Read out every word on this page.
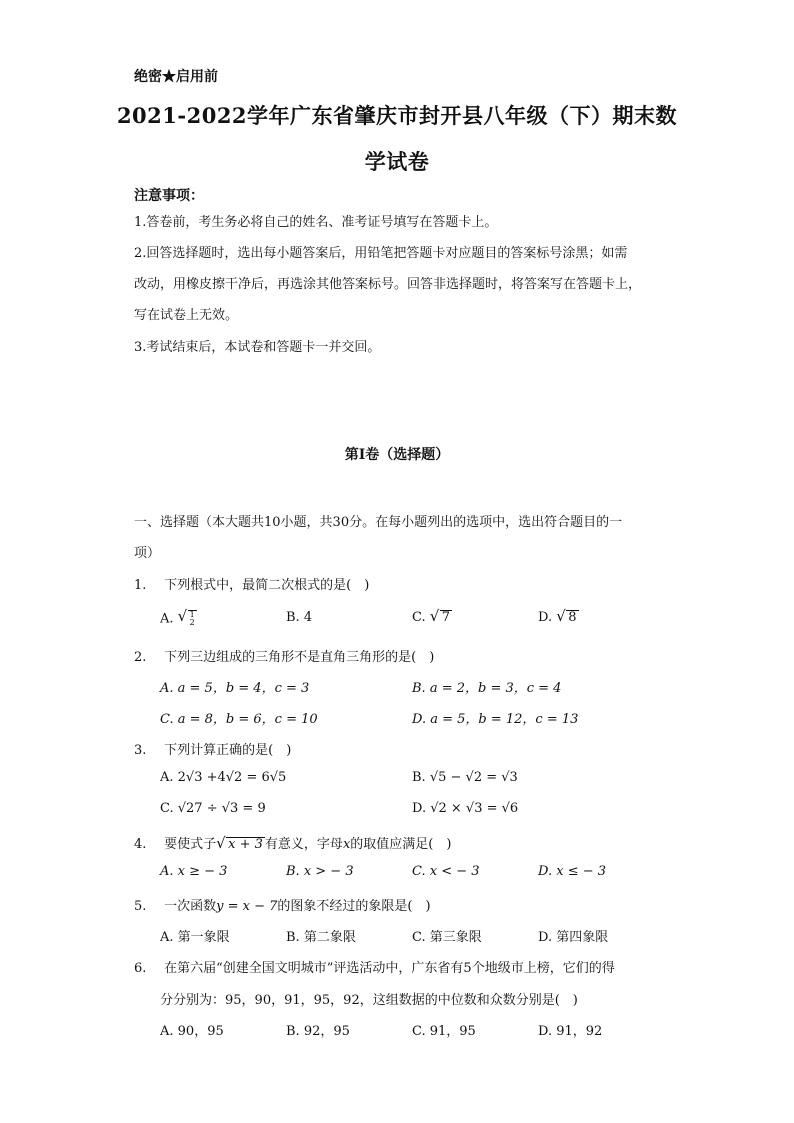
绝密★启用前
2021-2022学年广东省肇庆市封开县八年级（下）期末数
学试卷
注意事项：
1.答卷前，考生务必将自己的姓名、准考证号填写在答题卡上。
2.回答选择题时，选出每小题答案后，用铅笔把答题卡对应题目的答案标号涂黑；如需
改动，用橡皮擦干净后，再选涂其他答案标号。回答非选择题时，将答案写在答题卡上，
写在试卷上无效。
3.考试结束后，本试卷和答题卡一并交回。
第I卷（选择题）
一、选择题（本大题共10小题，共30分。在每小题列出的选项中，选出符合题目的一
项）
1. 下列根式中，最简二次根式的是(　)
A. √ 1
2	B. 4	C. √ 7	D. √ 8
2. 下列三边组成的三角形不是直角三角形的是(　)
A. a = 5，b = 4，c = 3	B. a = 2，b = 3，c = 4
C. a = 8，b = 6，c = 10	D. a = 5，b = 12，c = 13
3. 下列计算正确的是(　)
A. 2√3 +4√2 = 6√5	B. √5 − √2 = √3
C. √27 ÷ √3 = 9	D. √2 × √3 = √6
4. 要使式子 √ x + 3 有意义，字母x的取值应满足(　)
A. x ≥ − 3	B. x > − 3	C. x < − 3	D. x ≤ − 3
5. 一次函数y = x − 7的图象不经过的象限是(　)
A. 第一象限	B. 第二象限	C. 第三象限	D. 第四象限
6. 在第六届“创建全国文明城市”评选活动中，广东省有5个地级市上榜，它们的得
分分别为：95，90，91，95，92，这组数据的中位数和众数分别是(　)
A. 90，95	B. 92，95	C. 91，95	D. 91，92
